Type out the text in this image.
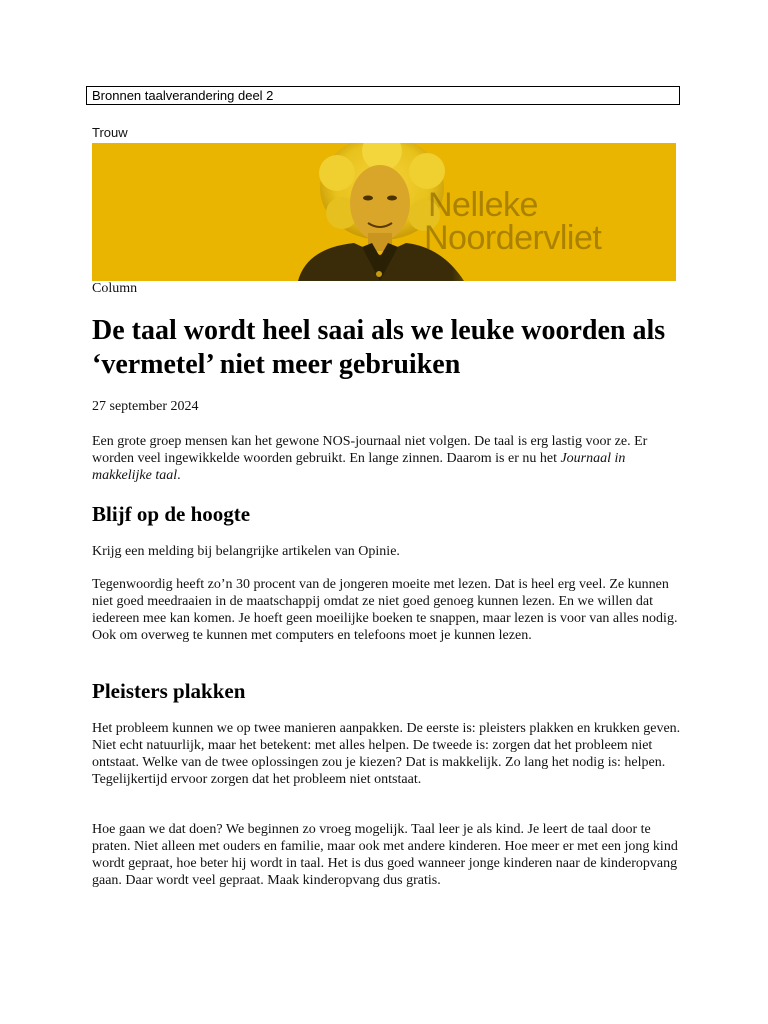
Bronnen taalverandering deel 2
Trouw
Nelleke
Noordervliet
Column
De taal wordt heel saai als we leuke woorden als ‘vermetel’ niet meer gebruiken
27 september 2024

Een grote groep mensen kan het gewone NOS-journaal niet volgen. De taal is erg lastig voor ze. Er worden veel ingewikkelde woorden gebruikt. En lange zinnen. Daarom is er nu het Journaal in makkelijke taal.

Blijf op de hoogte

Krijg een melding bij belangrijke artikelen van Opinie.

Tegenwoordig heeft zo’n 30 procent van de jongeren moeite met lezen. Dat is heel erg veel. Ze kunnen niet goed meedraaien in de maatschappij omdat ze niet goed genoeg kunnen lezen. En we willen dat iedereen mee kan komen. Je hoeft geen moeilijke boeken te snappen, maar lezen is voor van alles nodig. Ook om overweg te kunnen met computers en telefoons moet je kunnen lezen.

Pleisters plakken

Het probleem kunnen we op twee manieren aanpakken. De eerste is: pleisters plakken en krukken geven. Niet echt natuurlijk, maar het betekent: met alles helpen. De tweede is: zorgen dat het probleem niet ontstaat. Welke van de twee oplossingen zou je kiezen? Dat is makkelijk. Zo lang het nodig is: helpen. Tegelijkertijd ervoor zorgen dat het probleem niet ontstaat.

Hoe gaan we dat doen? We beginnen zo vroeg mogelijk. Taal leer je als kind. Je leert de taal door te praten. Niet alleen met ouders en familie, maar ook met andere kinderen. Hoe meer er met een jong kind wordt gepraat, hoe beter hij wordt in taal. Het is dus goed wanneer jonge kinderen naar de kinderopvang gaan. Daar wordt veel gepraat. Maak kinderopvang dus gratis.
